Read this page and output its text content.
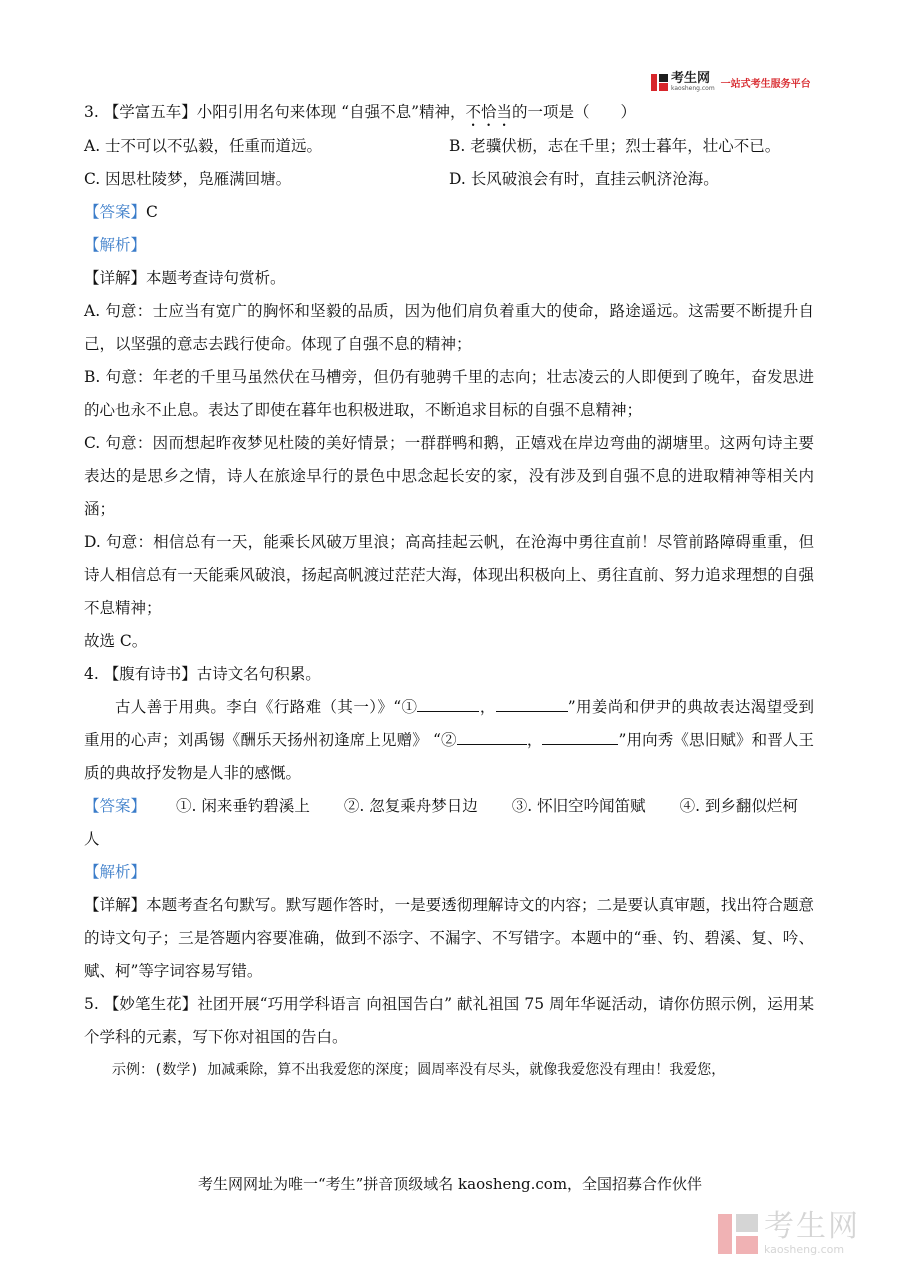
考生网
kaosheng.com 一站式考生服务平台
3. 【学富五车】小阳引用名句来体现 “自强不息”精神，不恰当的一项是（　　）
A. 士不可以不弘毅，任重而道远。	B. 老骥伏枥，志在千里；烈士暮年，壮心不已。
C. 因思杜陵梦，凫雁满回塘。	D. 长风破浪会有时，直挂云帆济沧海。
【答案】C
【解析】
【详解】本题考查诗句赏析。
A. 句意：士应当有宽广的胸怀和坚毅的品质，因为他们肩负着重大的使命，路途遥远。这需要不断提升自己，以坚强的意志去践行使命。体现了自强不息的精神；
B. 句意：年老的千里马虽然伏在马槽旁，但仍有驰骋千里的志向；壮志凌云的人即便到了晚年，奋发思进的心也永不止息。表达了即使在暮年也积极进取，不断追求目标的自强不息精神；
C. 句意：因而想起昨夜梦见杜陵的美好情景；一群群鸭和鹅，正嬉戏在岸边弯曲的湖塘里。这两句诗主要表达的是思乡之情，诗人在旅途早行的景色中思念起长安的家，没有涉及到自强不息的进取精神等相关内涵；
D. 句意：相信总有一天，能乘长风破万里浪；高高挂起云帆，在沧海中勇往直前！尽管前路障碍重重，但诗人相信总有一天能乘风破浪，扬起高帆渡过茫茫大海，体现出积极向上、勇往直前、努力追求理想的自强不息精神；
故选 C。
4. 【腹有诗书】古诗文名句积累。
古人善于用典。李白《行路难（其一）》“①	，	”用姜尚和伊尹的典故表达渴望受到重用的心声；刘禹锡《酬乐天扬州初逢席上见赠》 “②	，	”用向秀《思旧赋》和晋人王质的典故抒发物是人非的感慨。
【答案】	①. 闲来垂钓碧溪上 ②. 忽复乘舟梦日边 ③. 怀旧空吟闻笛赋 ④. 到乡翻似烂柯
人
【解析】
【详解】本题考查名句默写。默写题作答时，一是要透彻理解诗文的内容；二是要认真审题，找出符合题意的诗文句子；三是答题内容要准确，做到不添字、不漏字、不写错字。本题中的“垂、钓、碧溪、复、吟、赋、柯”等字词容易写错。
5. 【妙笔生花】社团开展“巧用学科语言 向祖国告白” 献礼祖国 75 周年华诞活动，请你仿照示例，运用某个学科的元素，写下你对祖国的告白。
示例：(数学) 加减乘除，算不出我爱您的深度；圆周率没有尽头，就像我爱您没有理由！我爱您，
考生网网址为唯一“考生”拼音顶级域名 kaosheng.com，全国招募合作伙伴
考生网
kaosheng.com
